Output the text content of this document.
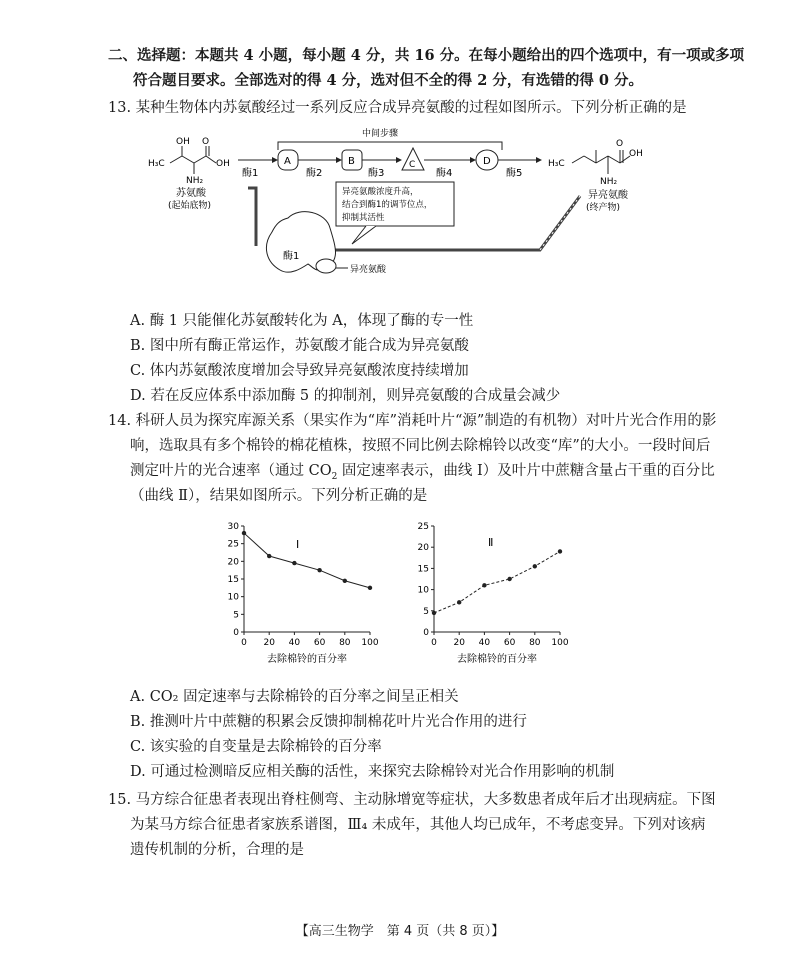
二、选择题：本题共 4 小题，每小题 4 分，共 16 分。在每小题给出的四个选项中，有一项或多项
符合题目要求。全部选对的得 4 分，选对但不全的得 2 分，有选错的得 0 分。
13. 某种生物体内苏氨酸经过一系列反应合成异亮氨酸的过程如图所示。下列分析正确的是
OH O
H₃C	OH
NH₂
苏氨酸
(起始底物)
中间步骤
A	B	C	D
酶1	酶2	酶3	酶4	酶5
H₃C
O
OH
NH₂
异亮氨酸
(终产物)
异亮氨酸浓度升高，
结合到酶1的调节位点，
抑制其活性
酶1
异亮氨酸
A. 酶 1 只能催化苏氨酸转化为 A，体现了酶的专一性
B. 图中所有酶正常运作，苏氨酸才能合成为异亮氨酸
C. 体内苏氨酸浓度增加会导致异亮氨酸浓度持续增加
D. 若在反应体系中添加酶 5 的抑制剂，则异亮氨酸的合成量会减少
14. 科研人员为探究库源关系（果实作为“库”消耗叶片“源”制造的有机物）对叶片光合作用的影
响，选取具有多个棉铃的棉花植株，按照不同比例去除棉铃以改变“库”的大小。一段时间后
测定叶片的光合速率（通过 $CO_2$ 固定速率表示，曲线 Ⅰ）及叶片中蔗糖含量占干重的百分比
（曲线 Ⅱ），结果如图所示。下列分析正确的是
0
5
10
15
20
25
30
0 20 40 60 80 100
Ⅰ
去除棉铃的百分率
0
5
10
15
20
25
0 20 40 60 80 100
Ⅱ
去除棉铃的百分率
A. CO₂ 固定速率与去除棉铃的百分率之间呈正相关
B. 推测叶片中蔗糖的积累会反馈抑制棉花叶片光合作用的进行
C. 该实验的自变量是去除棉铃的百分率
D. 可通过检测暗反应相关酶的活性，来探究去除棉铃对光合作用影响的机制
15. 马方综合征患者表现出脊柱侧弯、主动脉增宽等症状，大多数患者成年后才出现病症。下图
为某马方综合征患者家族系谱图，Ⅲ₄ 未成年，其他人均已成年，不考虑变异。下列对该病
遗传机制的分析，合理的是
【高三生物学　第 4 页（共 8 页）】
